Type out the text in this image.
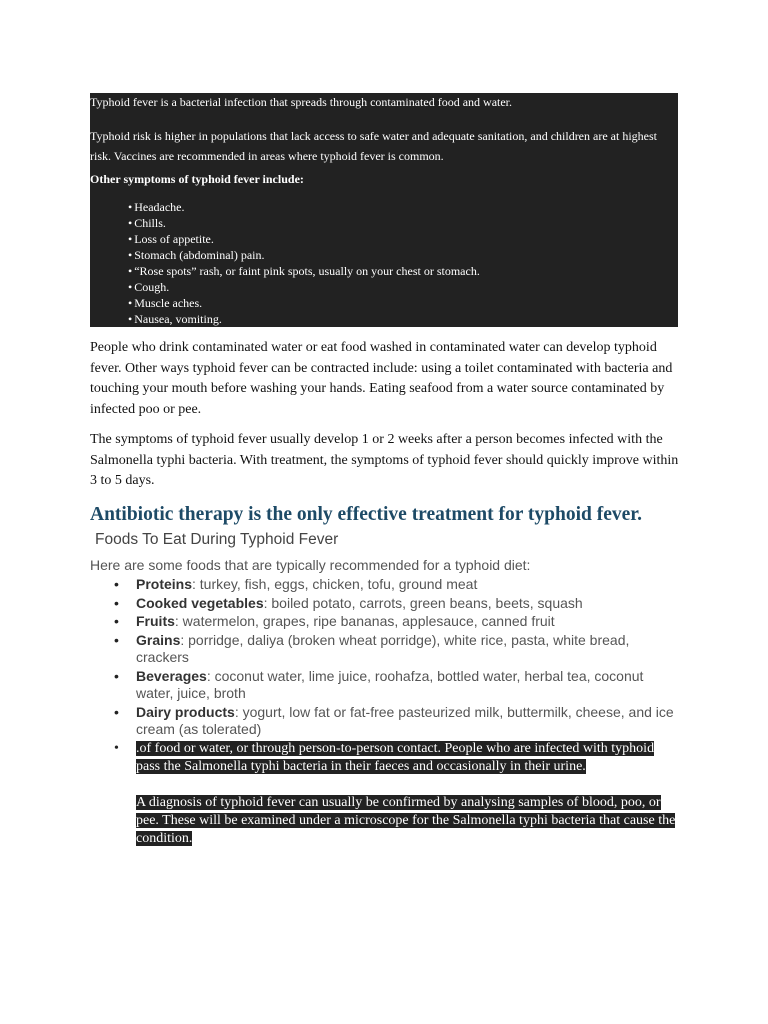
Typhoid fever is a bacterial infection that spreads through contaminated food and water.

Typhoid risk is higher in populations that lack access to safe water and adequate sanitation, and children are at highest risk. Vaccines are recommended in areas where typhoid fever is common.

Other symptoms of typhoid fever include:

• Headache.
• Chills.
• Loss of appetite.
• Stomach (abdominal) pain.
• “Rose spots” rash, or faint pink spots, usually on your chest or stomach.
• Cough.
• Muscle aches.
• Nausea, vomiting.

People who drink contaminated water or eat food washed in contaminated water can develop typhoid fever. Other ways typhoid fever can be contracted include: using a toilet contaminated with bacteria and touching your mouth before washing your hands. Eating seafood from a water source contaminated by infected poo or pee.

The symptoms of typhoid fever usually develop 1 or 2 weeks after a person becomes infected with the Salmonella typhi bacteria. With treatment, the symptoms of typhoid fever should quickly improve within 3 to 5 days.

Antibiotic therapy is the only effective treatment for typhoid fever.
Foods To Eat During Typhoid Fever

Here are some foods that are typically recommended for a typhoid diet:

• Proteins: turkey, fish, eggs, chicken, tofu, ground meat
• Cooked vegetables: boiled potato, carrots, green beans, beets, squash
• Fruits: watermelon, grapes, ripe bananas, applesauce, canned fruit
• Grains: porridge, daliya (broken wheat porridge), white rice, pasta, white bread, crackers
• Beverages: coconut water, lime juice, roohafza, bottled water, herbal tea, coconut water, juice, broth
• Dairy products: yogurt, low fat or fat-free pasteurized milk, buttermilk, cheese, and ice cream (as tolerated)
• .of food or water, or through person-to-person contact. People who are infected with typhoid pass the Salmonella typhi bacteria in their faeces and occasionally in their urine.
A diagnosis of typhoid fever can usually be confirmed by analysing samples of blood, poo, or pee. These will be examined under a microscope for the Salmonella typhi bacteria that cause the condition.
